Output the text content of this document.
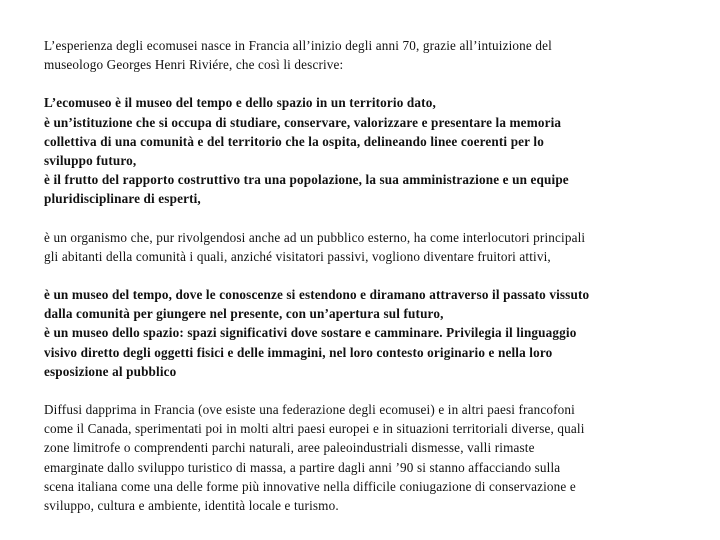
L’esperienza degli ecomusei nasce in Francia all’inizio degli anni 70, grazie all’intuizione del
museologo Georges Henri Riviére, che così li descrive:
L’ecomuseo è il museo del tempo e dello spazio in un territorio dato,
è un’istituzione che si occupa di studiare, conservare, valorizzare e presentare la memoria
collettiva di una comunità e del territorio che la ospita, delineando linee coerenti per lo
sviluppo futuro,
è il frutto del rapporto costruttivo tra una popolazione, la sua amministrazione e un equipe
pluridisciplinare di esperti,
è un organismo che, pur rivolgendosi anche ad un pubblico esterno, ha come interlocutori principali
gli abitanti della comunità i quali, anziché visitatori passivi, vogliono diventare fruitori attivi,
è un museo del tempo, dove le conoscenze si estendono e diramano attraverso il passato vissuto
dalla comunità per giungere nel presente, con un’apertura sul futuro,
è un museo dello spazio: spazi significativi dove sostare e camminare. Privilegia il linguaggio
visivo diretto degli oggetti fisici e delle immagini, nel loro contesto originario e nella loro
esposizione al pubblico
Diffusi dapprima in Francia (ove esiste una federazione degli ecomusei) e in altri paesi francofoni
come il Canada, sperimentati poi in molti altri paesi europei e in situazioni territoriali diverse, quali
zone limitrofe o comprendenti parchi naturali, aree paleoindustriali dismesse, valli rimaste
emarginate dallo sviluppo turistico di massa, a partire dagli anni ’90 si stanno affacciando sulla
scena italiana come una delle forme più innovative nella difficile coniugazione di conservazione e
sviluppo, cultura e ambiente, identità locale e turismo.
